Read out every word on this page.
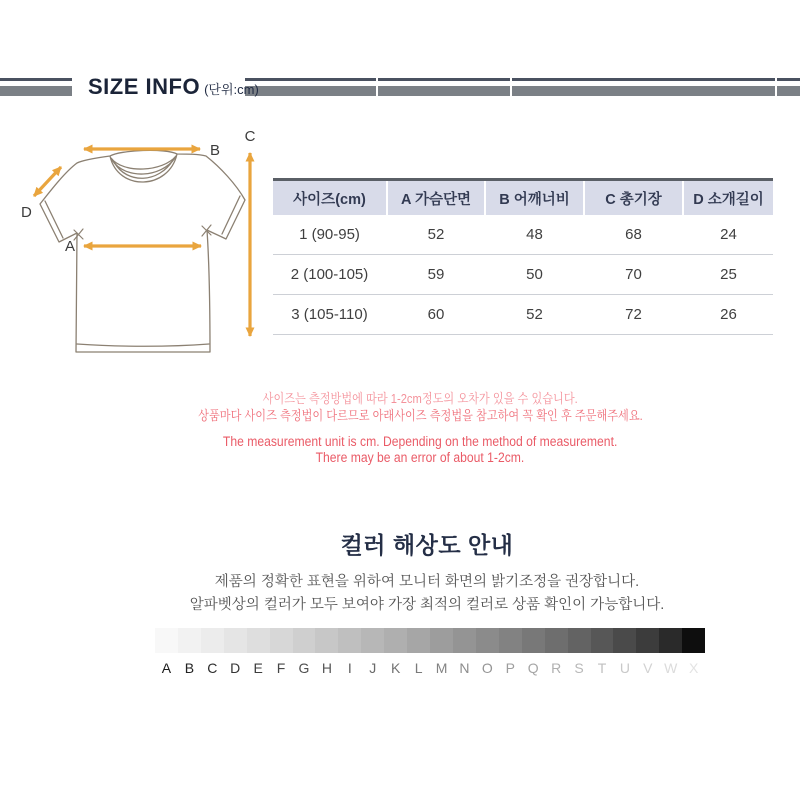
SIZE INFO (단위:cm)
B
C
D
A
사이즈(cm)	A 가슴단면	B 어깨너비	C 총기장	D 소개길이
1 (90-95)	52	48	68	24
2 (100-105)	59	50	70	25
3 (105-110)	60	52	72	26
사이즈는 측정방법에 따라 1-2cm정도의 오차가 있을 수 있습니다.
상품마다 사이즈 측정법이 다르므로 아래사이즈 측정법을 참고하여 꼭 확인 후 주문해주세요.
The measurement unit is cm. Depending on the method of measurement.
There may be an error of about 1-2cm.
컬러 해상도 안내
제품의 정확한 표현을 위하여 모니터 화면의 밝기조정을 권장합니다.
알파벳상의 컬러가 모두 보여야 가장 최적의 컬러로 상품 확인이 가능합니다.
A B C D E F G H	I	J	K	L M N O P Q R S T U V W X
